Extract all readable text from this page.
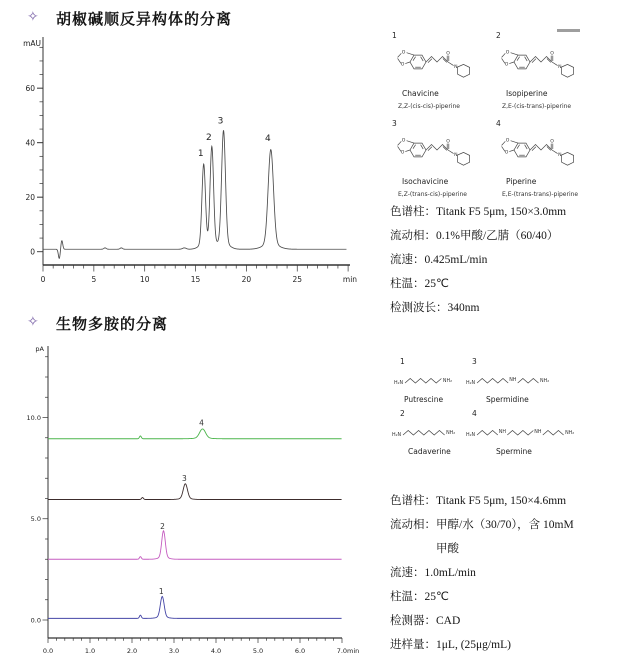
✧ 胡椒碱顺反异构体的分离
mAU
0
20
40
60
0	5	10	15	20	25	min
1
2
3
4
1
O
O	O
N
Chavicine
Z,Z-(cis-cis)-piperine
2
O
O	O
N
Isopiperine
Z,E-(cis-trans)-piperine
3
O
O	O
N
Isochavicine
E,Z-(trans-cis)-piperine
4
O
O	O
N
Piperine
E,E-(trans-trans)-piperine
色谱柱：Titank F5 5μm, 150×3.0mm
流动相：0.1%甲酸/乙腈（60/40）
流速：0.425mL/min
柱温：25℃
检测波长：340nm
✧ 生物多胺的分离
pA
0.0
5.0
10.0
0.0	1.0	2.0	3.0	4.0	5.0	6.0	7.0min
1
2
3
4
1
H₂N	NH₂
Putrescine
3
H₂N
NH	NH₂
Spermidine
2
H₂N	NH₂
Cadaverine
4
H₂N
NH	NH	NH₂
Spermine
色谱柱：Titank F5 5μm, 150×4.6mm
流动相：甲醇/水（30/70），含 10mM
甲酸
流速：1.0mL/min
柱温：25℃
检测器：CAD
进样量：1μL, (25μg/mL)
